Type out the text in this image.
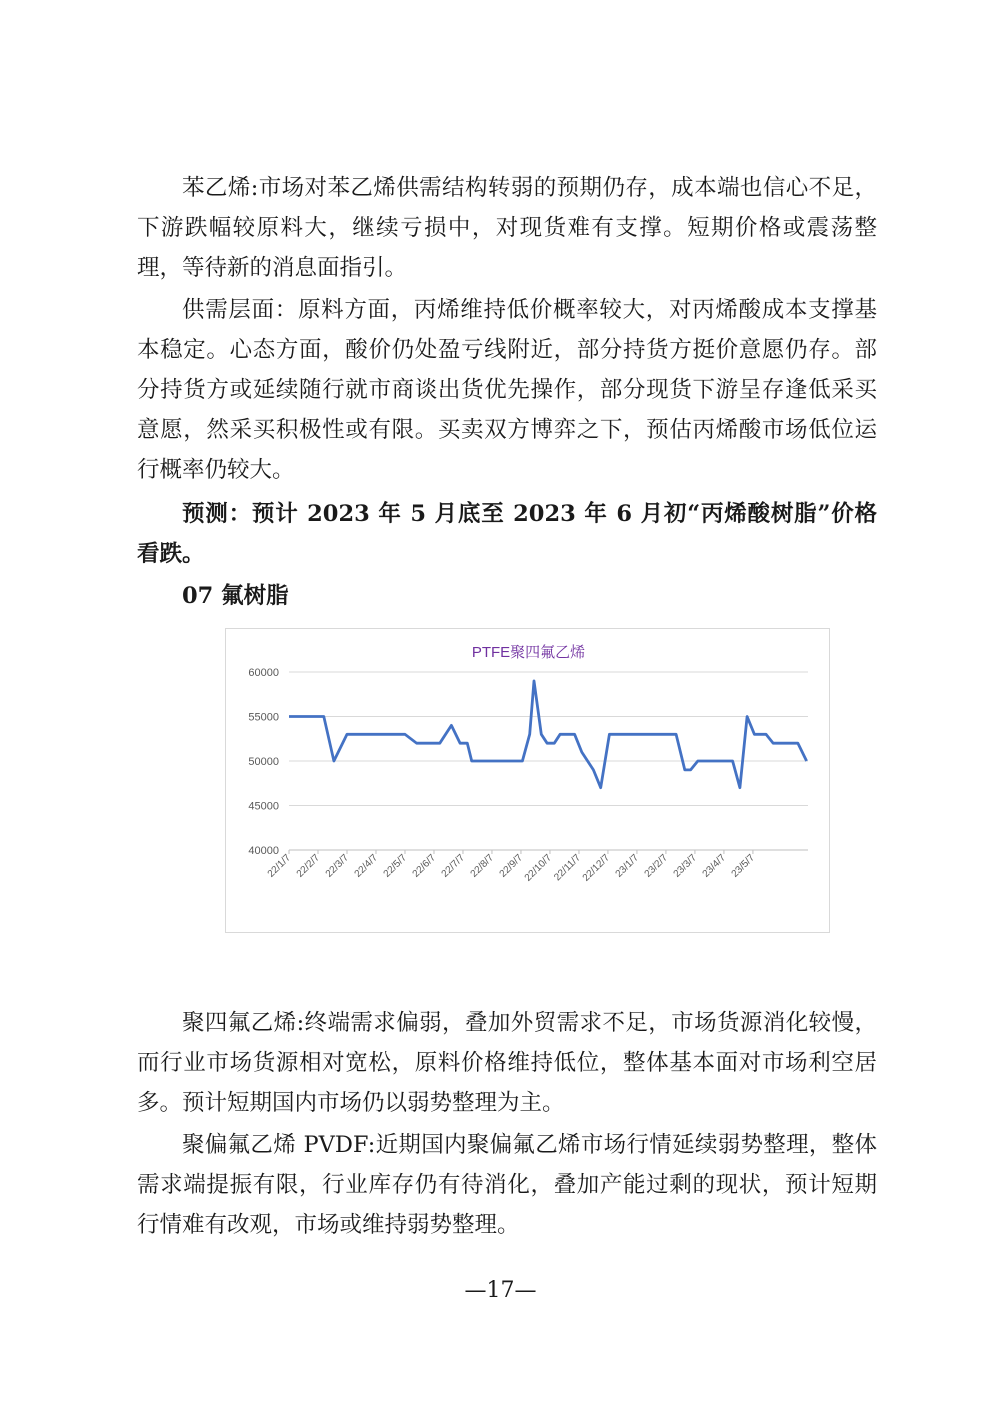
苯乙烯:市场对苯乙烯供需结构转弱的预期仍存，成本端也信心不足，下游跌幅较原料大，继续亏损中，对现货难有支撑。短期价格或震荡整理，等待新的消息面指引。

供需层面：原料方面，丙烯维持低价概率较大，对丙烯酸成本支撑基本稳定。心态方面，酸价仍处盈亏线附近，部分持货方挺价意愿仍存。部分持货方或延续随行就市商谈出货优先操作，部分现货下游呈存逢低采买意愿，然采买积极性或有限。买卖双方博弈之下，预估丙烯酸市场低位运行概率仍较大。

预测：预计 2023 年 5 月底至 2023 年 6 月初“丙烯酸树脂”价格看跌。

07 氟树脂

PTFE聚四氟乙烯
60000
55000
50000
45000
40000
22/1/7 22/2/7 22/3/7 22/4/7 22/5/7 22/6/7 22/7/7 22/8/7 22/9/7
22/10/7
22/11/7
22/12/7 23/1/7 23/2/7 23/3/7 23/4/7 23/5/7

聚四氟乙烯:终端需求偏弱，叠加外贸需求不足，市场货源消化较慢，而行业市场货源相对宽松，原料价格维持低位，整体基本面对市场利空居多。预计短期国内市场仍以弱势整理为主。

聚偏氟乙烯 PVDF:近期国内聚偏氟乙烯市场行情延续弱势整理，整体需求端提振有限，行业库存仍有待消化，叠加产能过剩的现状，预计短期行情难有改观，市场或维持弱势整理。

—17—
